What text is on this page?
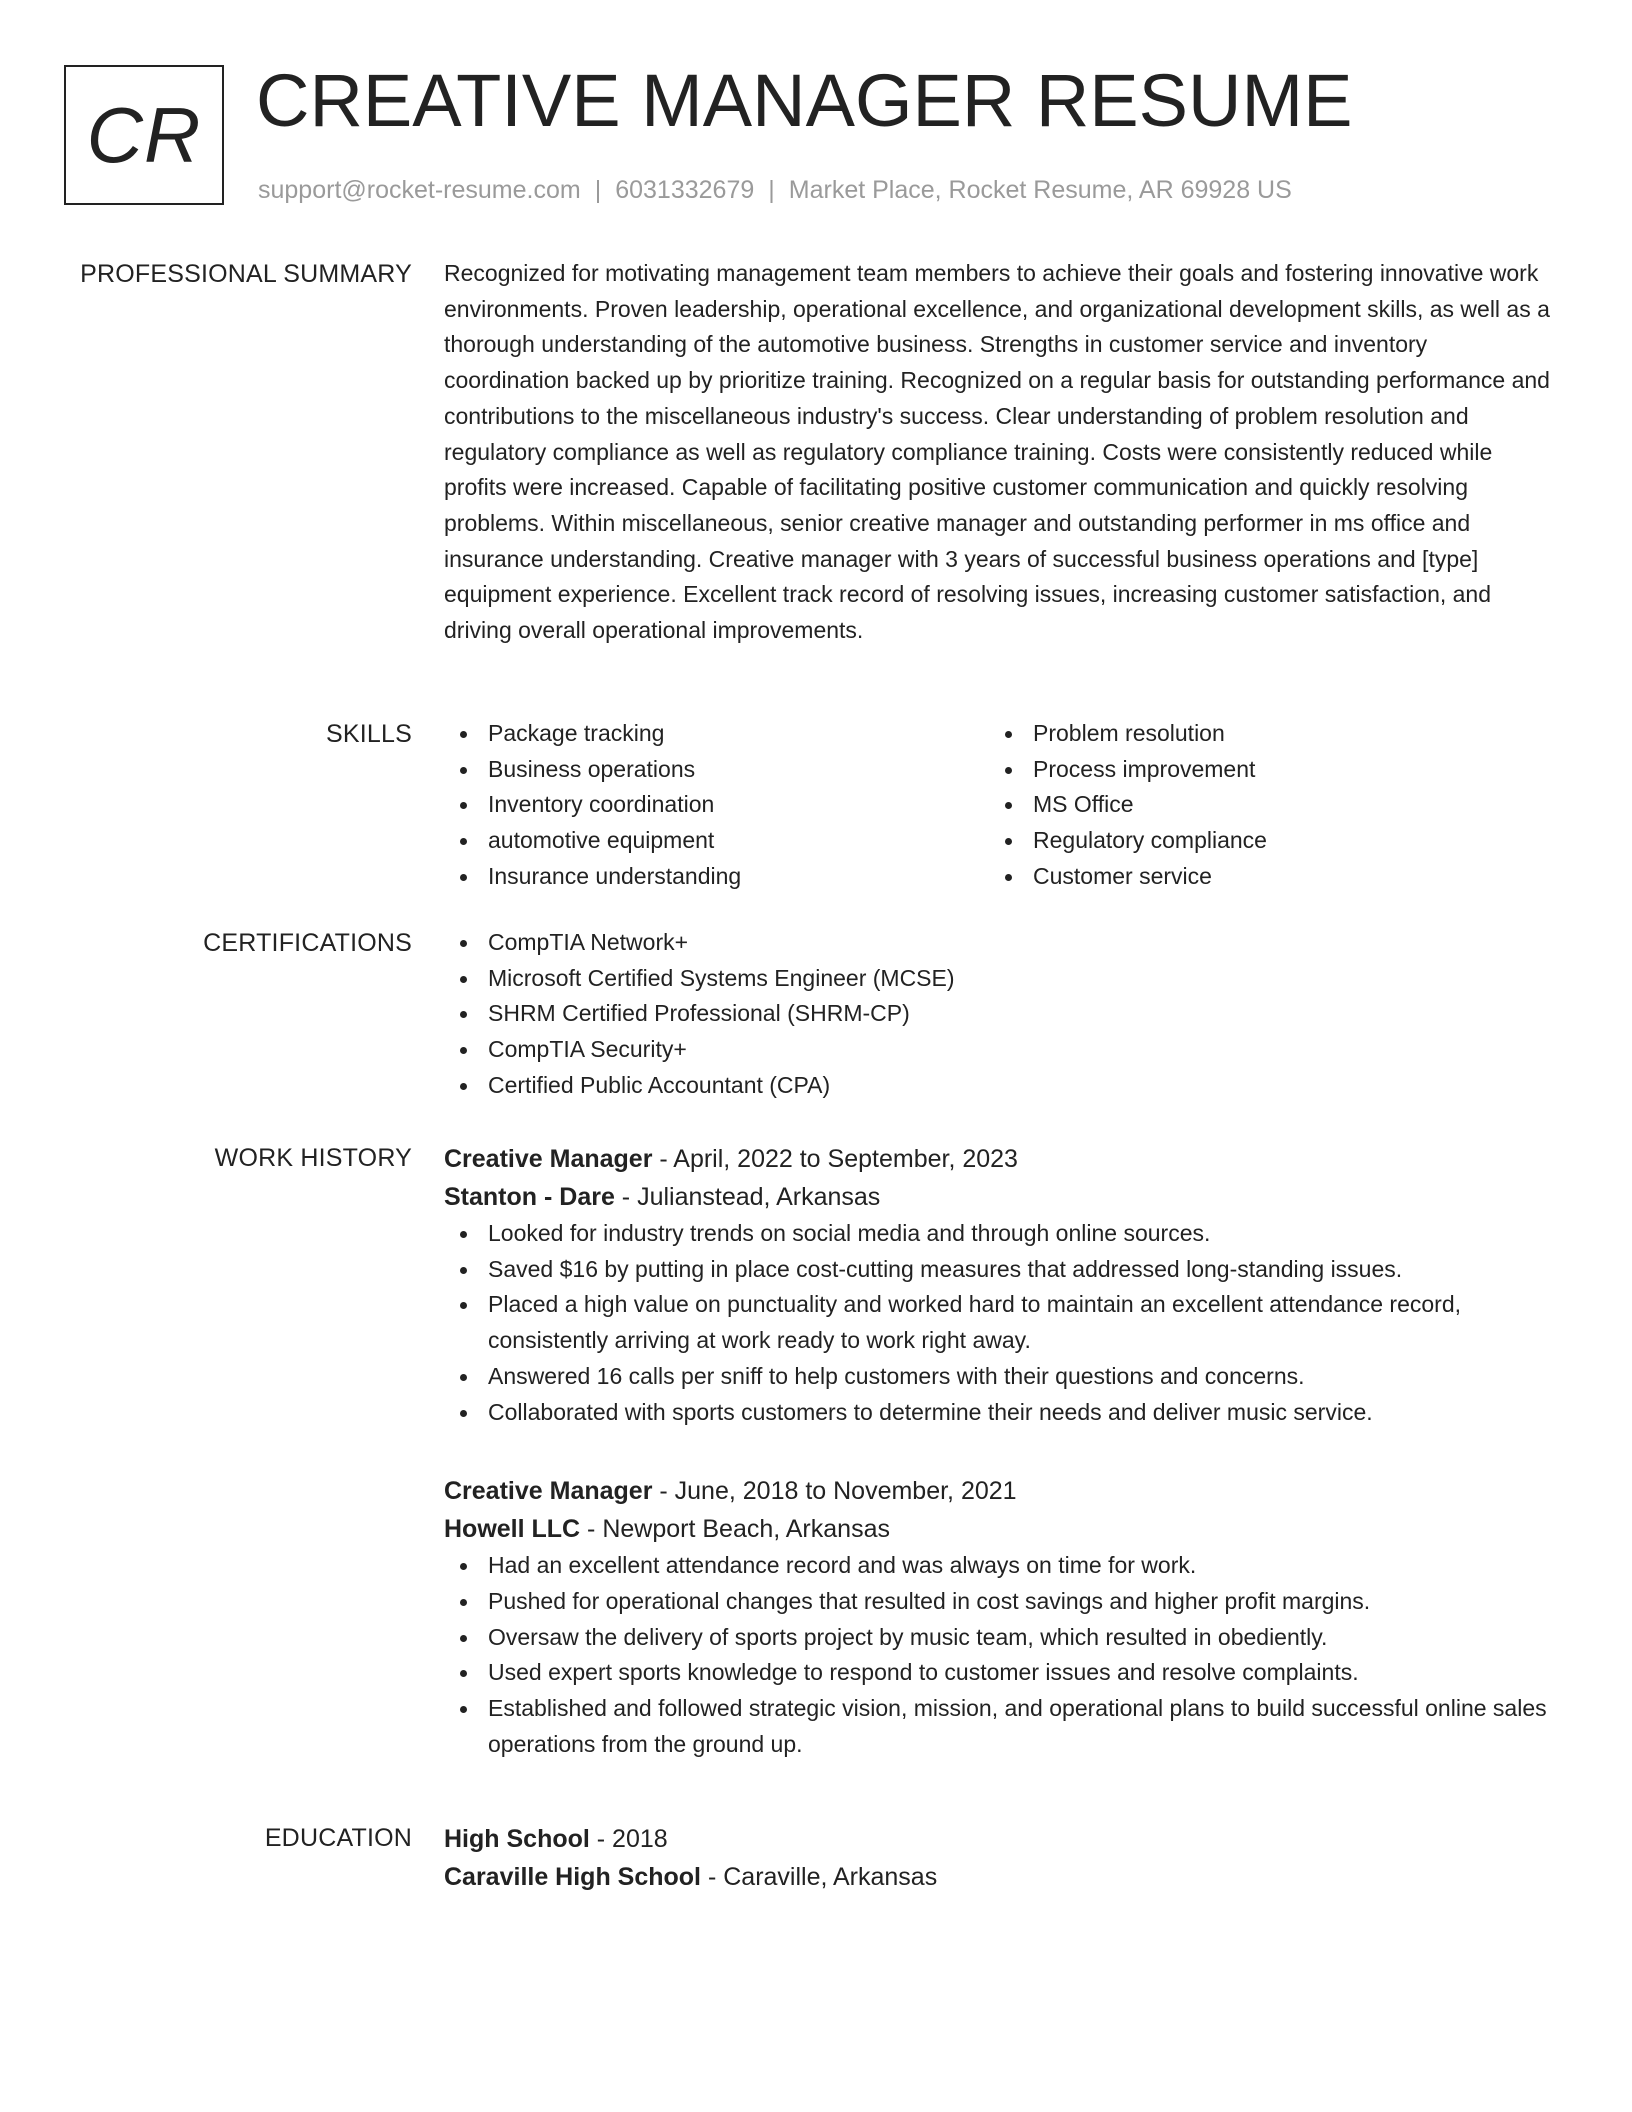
CR CREATIVE MANAGER RESUME
support@rocket-resume.com | 6031332679 | Market Place, Rocket Resume, AR 69928 US
PROFESSIONAL SUMMARY Recognized for motivating management team members to achieve their goals and fostering innovative work environments. Proven leadership, operational excellence, and organizational development skills, as well as a thorough understanding of the automotive business. Strengths in customer service and inventory coordination backed up by prioritize training. Recognized on a regular basis for outstanding performance and contributions to the miscellaneous industry's success. Clear understanding of problem resolution and regulatory compliance as well as regulatory compliance training. Costs were consistently reduced while profits were increased. Capable of facilitating positive customer communication and quickly resolving problems. Within miscellaneous, senior creative manager and outstanding performer in ms office and insurance understanding. Creative manager with 3 years of successful business operations and [type] equipment experience. Excellent track record of resolving issues, increasing customer satisfaction, and driving overall operational improvements.

SKILLS	Package tracking
Business operations
Inventory coordination
automotive equipment
Insurance understanding
Problem resolution
Process improvement
MS Office
Regulatory compliance
Customer service
CERTIFICATIONS	CompTIA Network+
Microsoft Certified Systems Engineer (MCSE)
SHRM Certified Professional (SHRM-CP)
CompTIA Security+
Certified Public Accountant (CPA)
WORK HISTORY Creative Manager - April, 2022 to September, 2023
Stanton - Dare - Julianstead, Arkansas
Looked for industry trends on social media and through online sources.
Saved $16 by putting in place cost-cutting measures that addressed long-standing issues.
Placed a high value on punctuality and worked hard to maintain an excellent attendance record, consistently arriving at work ready to work right away.
Answered 16 calls per sniff to help customers with their questions and concerns.
Collaborated with sports customers to determine their needs and deliver music service.
Creative Manager - June, 2018 to November, 2021
Howell LLC - Newport Beach, Arkansas
Had an excellent attendance record and was always on time for work.
Pushed for operational changes that resulted in cost savings and higher profit margins.
Oversaw the delivery of sports project by music team, which resulted in obediently.
Used expert sports knowledge to respond to customer issues and resolve complaints.
Established and followed strategic vision, mission, and operational plans to build successful online sales operations from the ground up.
EDUCATION High School - 2018
Caraville High School - Caraville, Arkansas
